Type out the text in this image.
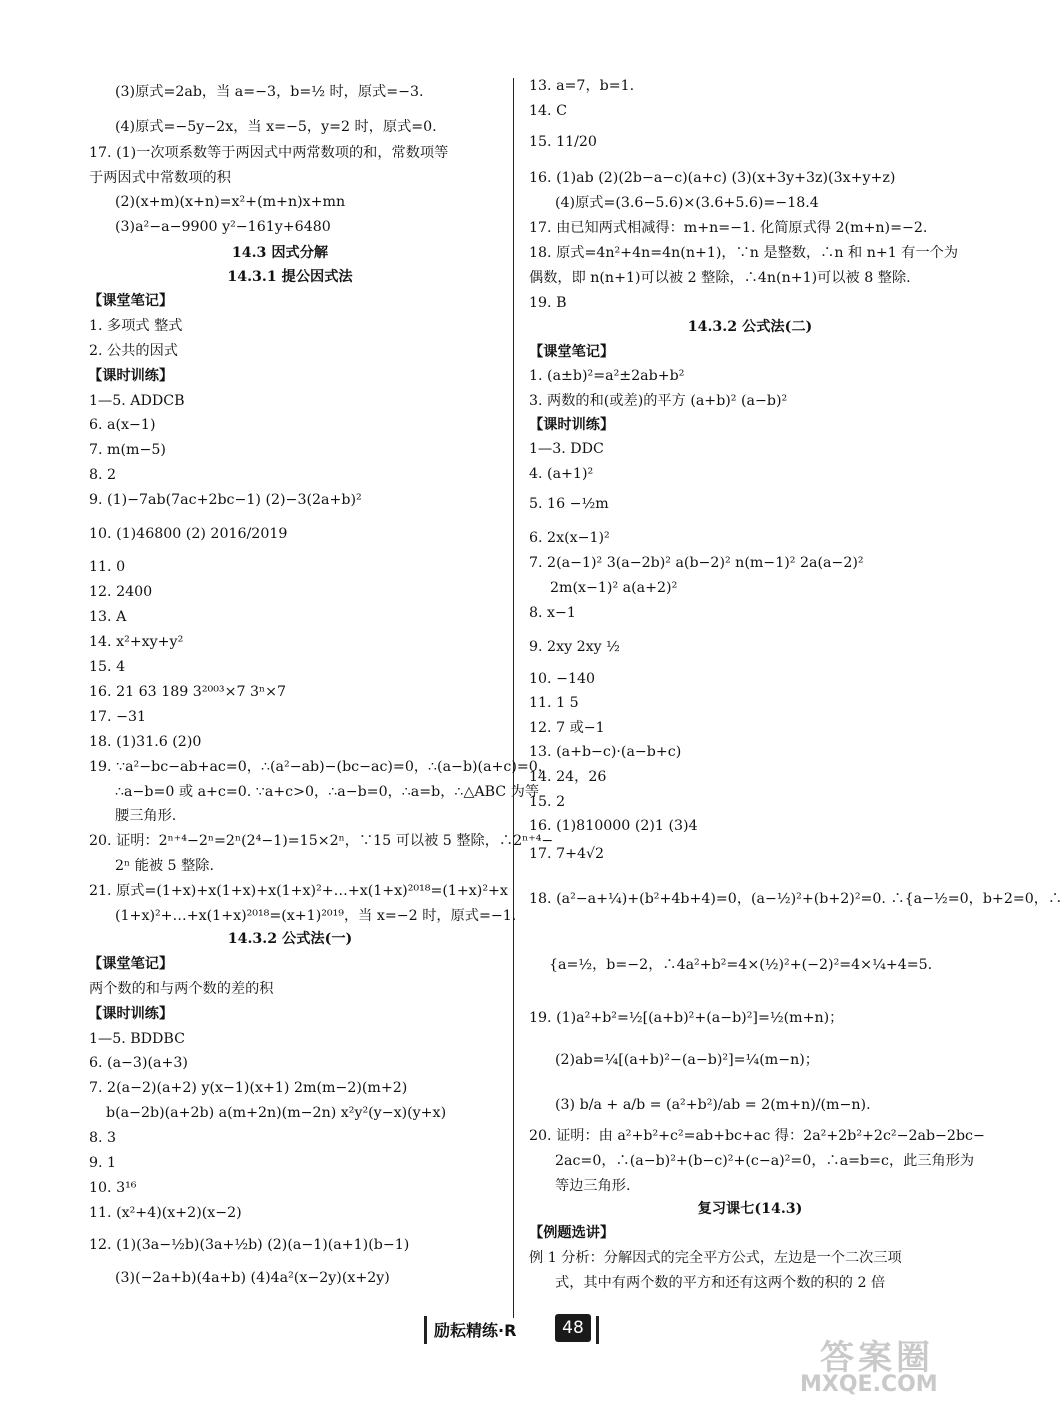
(3)原式=2ab，当 a=−3，b=½ 时，原式=−3.
(4)原式=−5y−2x，当 x=−5，y=2 时，原式=0.
17. (1)一次项系数等于两因式中两常数项的和，常数项等
于两因式中常数项的积
(2)(x+m)(x+n)=x²+(m+n)x+mn
(3)a²−a−9900 y²−161y+6480
14.3 因式分解
14.3.1 提公因式法
【课堂笔记】
1. 多项式 整式
2. 公共的因式
【课时训练】
1—5. ADDCB
6. a(x−1)
7. m(m−5)
8. 2
9. (1)−7ab(7ac+2bc−1) (2)−3(2a+b)²
10. (1)46800 (2) 2016/2019
11. 0
12. 2400
13. A
14. x²+xy+y²
15. 4
16. 21 63 189 3²⁰⁰³×7 3ⁿ×7
17. −31
18. (1)31.6 (2)0
19. ∵a²−bc−ab+ac=0，∴(a²−ab)−(bc−ac)=0，∴(a−b)(a+c)=0，
∴a−b=0 或 a+c=0. ∵a+c>0，∴a−b=0，∴a=b，∴△ABC 为等
腰三角形.
20. 证明：2ⁿ⁺⁴−2ⁿ=2ⁿ(2⁴−1)=15×2ⁿ，∵15 可以被 5 整除，∴2ⁿ⁺⁴−
2ⁿ 能被 5 整除.
21. 原式=(1+x)+x(1+x)+x(1+x)²+…+x(1+x)²⁰¹⁸=(1+x)²+x
(1+x)²+…+x(1+x)²⁰¹⁸=(x+1)²⁰¹⁹，当 x=−2 时，原式=−1.
14.3.2 公式法(一)
【课堂笔记】
两个数的和与两个数的差的积
【课时训练】
1—5. BDDBC
6. (a−3)(a+3)
7. 2(a−2)(a+2) y(x−1)(x+1) 2m(m−2)(m+2)
b(a−2b)(a+2b) a(m+2n)(m−2n) x²y²(y−x)(y+x)
8. 3
9. 1
10. 3¹⁶
11. (x²+4)(x+2)(x−2)
12. (1)(3a−½b)(3a+½b) (2)(a−1)(a+1)(b−1)
(3)(−2a+b)(4a+b) (4)4a²(x−2y)(x+2y)
13. a=7，b=1.
14. C
15. 11/20
16. (1)ab (2)(2b−a−c)(a+c) (3)(x+3y+3z)(3x+y+z)
(4)原式=(3.6−5.6)×(3.6+5.6)=−18.4
17. 由已知两式相减得：m+n=−1. 化简原式得 2(m+n)=−2.
18. 原式=4n²+4n=4n(n+1)，∵n 是整数，∴n 和 n+1 有一个为
偶数，即 n(n+1)可以被 2 整除，∴4n(n+1)可以被 8 整除.
19. B
14.3.2 公式法(二)
【课堂笔记】
1. (a±b)²=a²±2ab+b²
3. 两数的和(或差)的平方 (a+b)² (a−b)²
【课时训练】
1—3. DDC
4. (a+1)²
5. 16 −½m
6. 2x(x−1)²
7. 2(a−1)² 3(a−2b)² a(b−2)² n(m−1)² 2a(a−2)²
2m(x−1)² a(a+2)²
8. x−1
9. 2xy 2xy ½
10. −140
11. 1 5
12. 7 或−1
13. (a+b−c)·(a−b+c)
14. 24，26
15. 2
16. (1)810000 (2)1 (3)4
17. 7+4√2
18. (a²−a+¼)+(b²+4b+4)=0，(a−½)²+(b+2)²=0. ∴{a−½=0，b+2=0，∴
{a=½，b=−2，∴4a²+b²=4×(½)²+(−2)²=4×¼+4=5.
19. (1)a²+b²=½[(a+b)²+(a−b)²]=½(m+n)；
(2)ab=¼[(a+b)²−(a−b)²]=¼(m−n)；
(3) b/a + a/b = (a²+b²)/ab = 2(m+n)/(m−n).
20. 证明：由 a²+b²+c²=ab+bc+ac 得：2a²+2b²+2c²−2ab−2bc−
2ac=0，∴(a−b)²+(b−c)²+(c−a)²=0，∴a=b=c，此三角形为
等边三角形.
复习课七(14.3)
【例题选讲】
例 1 分析：分解因式的完全平方公式，左边是一个二次三项
式，其中有两个数的平方和还有这两个数的积的 2 倍
励耘精练·R	48
答案圈
MXQE.COM
